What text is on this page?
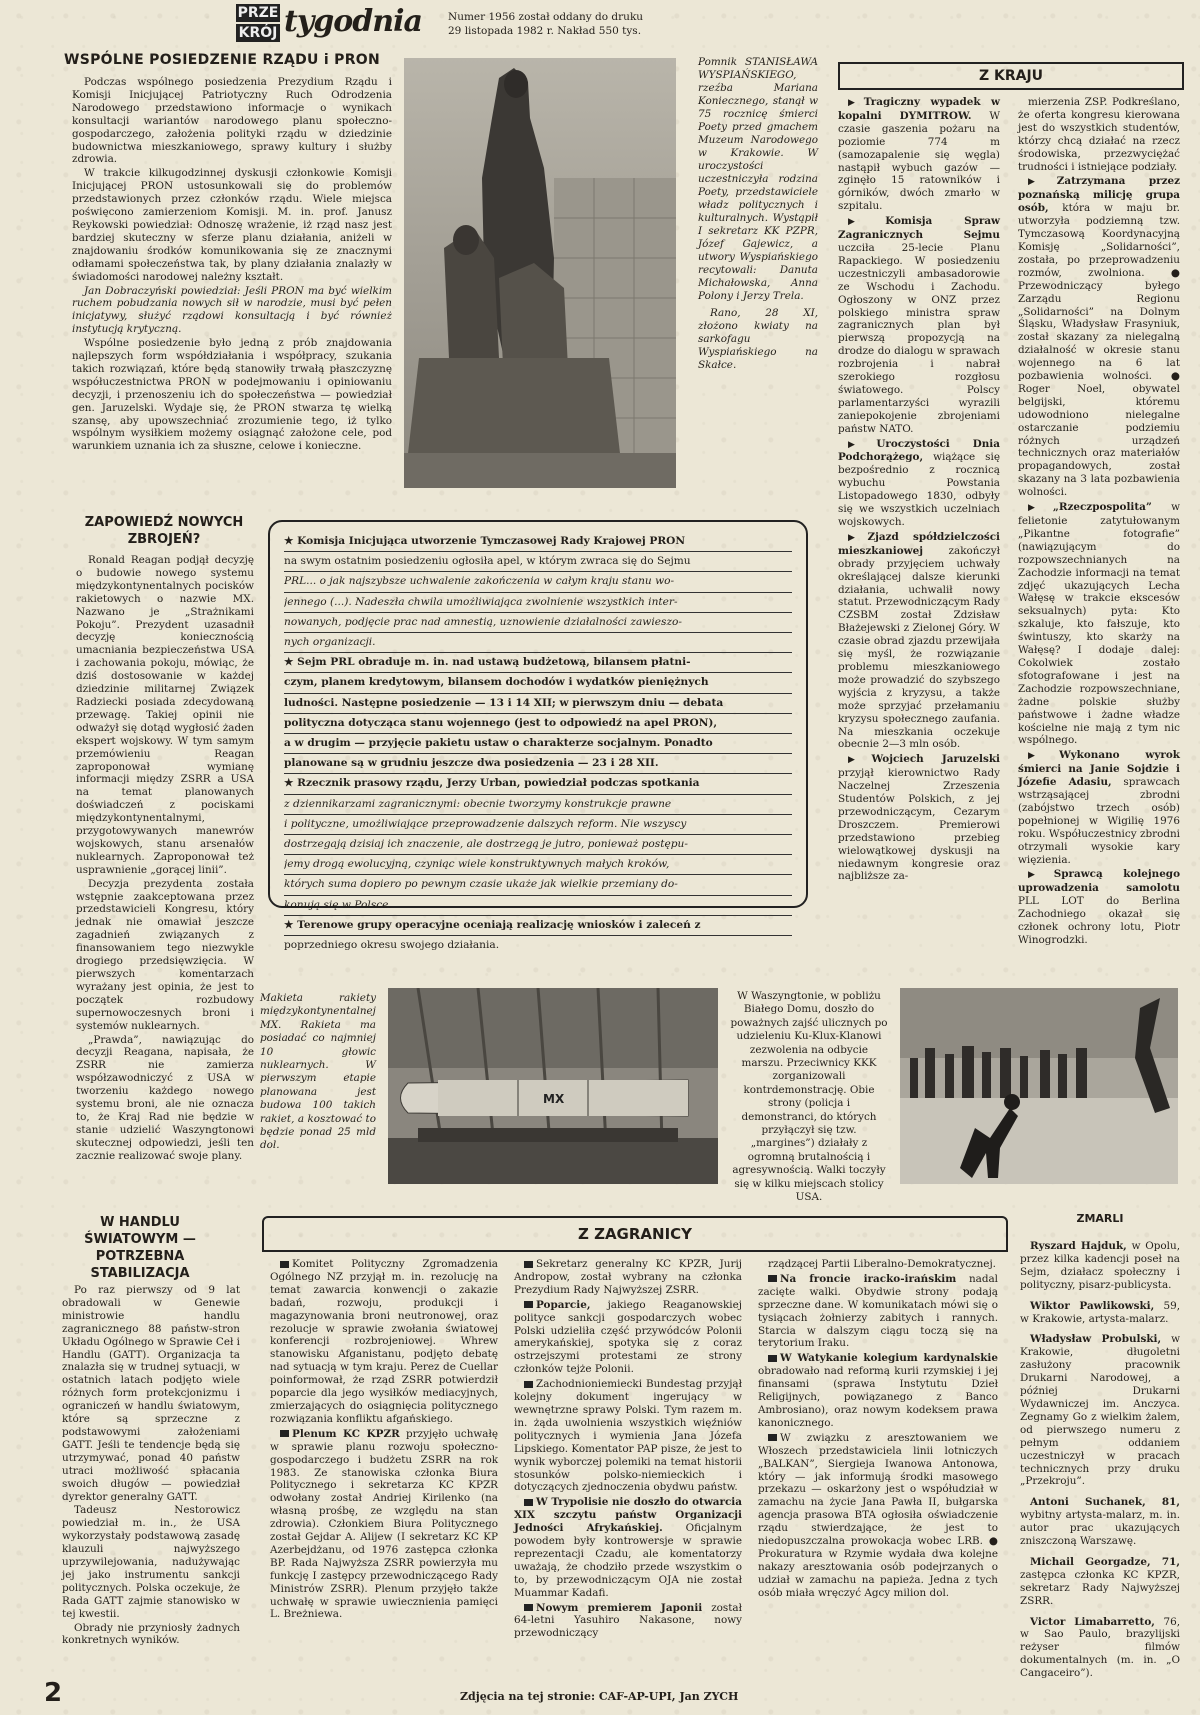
PRZE
KRÓJ tygodnia Numer 1956 został oddany do druku
29 listopada 1982 r. Nakład 550 tys.
WSPÓLNE POSIEDZENIE RZĄDU i PRON

Podczas wspólnego posiedzenia Prezydium Rządu i Komisji Inicjującej Patriotyczny Ruch Odrodzenia Narodowego przedstawiono informacje o wynikach konsultacji wariantów narodowego planu społeczno-gospodarczego, założenia polityki rządu w dziedzinie budownictwa mieszkaniowego, sprawy kultury i służby zdrowia.

W trakcie kilkugodzinnej dyskusji członkowie Komisji Inicjującej PRON ustosunkowali się do problemów przedstawionych przez członków rządu. Wiele miejsca poświęcono zamierzeniom Komisji. M. in. prof. Janusz Reykowski powiedział: Odnoszę wrażenie, iż rząd nasz jest bardziej skuteczny w sferze planu działania, aniżeli w znajdowaniu środków komunikowania się ze znacznymi odłamami społeczeństwa tak, by plany działania znalazły w świadomości narodowej należny kształt.

Jan Dobraczyński powiedział: Jeśli PRON ma być wielkim ruchem pobudzania nowych sił w narodzie, musi być pełen inicjatywy, służyć rządowi konsultacją i być również instytucją krytyczną.

Wspólne posiedzenie było jedną z prób znajdowania najlepszych form współdziałania i współpracy, szukania takich rozwiązań, które będą stanowiły trwałą płaszczyznę współuczestnictwa PRON w podejmowaniu i opiniowaniu decyzji, i przenoszeniu ich do społeczeństwa — powiedział gen. Jaruzelski. Wydaje się, że PRON stwarza tę wielką szansę, aby upowszechniać zrozumienie tego, iż tylko wspólnym wysiłkiem możemy osiągnąć założone cele, pod warunkiem uznania ich za słuszne, celowe i konieczne.

Pomnik STANISŁAWA WYSPIAŃSKIEGO, rzeźba Mariana Koniecznego, stanął w 75 rocznicę śmierci Poety przed gmachem Muzeum Narodowego w Krakowie. W uroczystości uczestniczyła rodzina Poety, przedstawiciele władz politycznych i kulturalnych. Wystąpił I sekretarz KK PZPR, Józef Gajewicz, a utwory Wyspiańskiego recytowali: Danuta Michałowska, Anna Polony i Jerzy Trela.

Rano, 28 XI, złożono kwiaty na sarkofagu Wyspiańskiego na Skałce.

Z KRAJU

▶ Tragiczny wypadek w kopalni DYMITROW. W czasie gaszenia pożaru na poziomie 774 m (samozapalenie się węgla) nastąpił wybuch gazów — zginęło 15 ratowników i górników, dwóch zmarło w szpitalu.

▶ Komisja Spraw Zagranicznych Sejmu uczciła 25-lecie Planu Rapackiego. W posiedzeniu uczestniczyli ambasadorowie ze Wschodu i Zachodu. Ogłoszony w ONZ przez polskiego ministra spraw zagranicznych plan był pierwszą propozycją na drodze do dialogu w sprawach rozbrojenia i nabrał szerokiego rozgłosu światowego. Polscy parlamentarzyści wyrazili zaniepokojenie zbrojeniami państw NATO.

▶ Uroczystości Dnia Podchorążego, wiążące się bezpośrednio z rocznicą wybuchu Powstania Listopadowego 1830, odbyły się we wszystkich uczelniach wojskowych.

▶ Zjazd spółdzielczości mieszkaniowej zakończył obrady przyjęciem uchwały określającej dalsze kierunki działania, uchwalił nowy statut. Przewodniczącym Rady CZSBM został Zdzisław Błażejewski z Zielonej Góry. W czasie obrad zjazdu przewijała się myśl, że rozwiązanie problemu mieszkaniowego może prowadzić do szybszego wyjścia z kryzysu, a także może sprzyjać przełamaniu kryzysu społecznego zaufania. Na mieszkania oczekuje obecnie 2—3 mln osób.

▶ Wojciech Jaruzelski przyjął kierownictwo Rady Naczelnej Zrzeszenia Studentów Polskich, z jej przewodniczącym, Cezarym Droszczem. Premierowi przedstawiono przebieg wielowątkowej dyskusji na niedawnym kongresie oraz najbliższe za-

mierzenia ZSP. Podkreślano, że oferta kongresu kierowana jest do wszystkich studentów, którzy chcą działać na rzecz środowiska, przezwyciężać trudności i istniejące podziały.

▶ Zatrzymana przez poznańską milicję grupa osób, która w maju br. utworzyła podziemną tzw. Tymczasową Koordynacyjną Komisję „Solidarności”, została, po przeprowadzeniu rozmów, zwolniona. ● Przewodniczący byłego Zarządu Regionu „Solidarności” na Dolnym Śląsku, Władysław Frasyniuk, został skazany za nielegalną działalność w okresie stanu wojennego na 6 lat pozbawienia wolności. ● Roger Noel, obywatel belgijski, któremu udowodniono nielegalne ostarczanie podziemiu różnych urządzeń technicznych oraz materiałów propagandowych, został skazany na 3 lata pozbawienia wolności.

▶ „Rzeczpospolita” w felietonie zatytułowanym „Pikantne fotografie” (nawiązującym do rozpowszechnianych na Zachodzie informacji na temat zdjęć ukazujących Lecha Wałęsę w trakcie ekscesów seksualnych) pyta: Kto szkaluje, kto fałszuje, kto świntuszy, kto skarży na Wałęsę? I dodaje dalej: Cokolwiek zostało sfotografowane i jest na Zachodzie rozpowszechniane, żadne polskie służby państwowe i żadne władze kościelne nie mają z tym nic wspólnego.

▶ Wykonano wyrok śmierci na Janie Sojdzie i Józefie Adasiu, sprawcach wstrząsającej zbrodni (zabójstwo trzech osób) popełnionej w Wigilię 1976 roku. Współuczestnicy zbrodni otrzymali wysokie kary więzienia.

▶ Sprawcą kolejnego uprowadzenia samolotu PLL LOT do Berlina Zachodniego okazał się członek ochrony lotu, Piotr Winogrodzki.

ZAPOWIEDŹ NOWYCH ZBROJEŃ?

Ronald Reagan podjął decyzję o budowie nowego systemu międzykontynentalnych pocisków rakietowych o nazwie MX. Nazwano je „Strażnikami Pokoju”. Prezydent uzasadnił decyzję koniecznością umacniania bezpieczeństwa USA i zachowania pokoju, mówiąc, że dziś dostosowanie w każdej dziedzinie militarnej Związek Radziecki posiada zdecydowaną przewagę. Takiej opinii nie odważył się dotąd wygłosić żaden ekspert wojskowy. W tym samym przemówieniu Reagan zaproponował wymianę informacji między ZSRR a USA na temat planowanych doświadczeń z pociskami międzykontynentalnymi, przygotowywanych manewrów wojskowych, stanu arsenałów nuklearnych. Zaproponował też usprawnienie „gorącej linii”.

Decyzja prezydenta została wstępnie zaakceptowana przez przedstawicieli Kongresu, który jednak nie omawiał jeszcze zagadnień związanych z finansowaniem tego niezwykle drogiego przedsięwzięcia. W pierwszych komentarzach wyrażany jest opinia, że jest to początek rozbudowy supernowoczesnych broni i systemów nuklearnych.

„Prawda”, nawiązując do decyzji Reagana, napisała, że ZSRR nie zamierza współzawodniczyć z USA w tworzeniu każdego nowego systemu broni, ale nie oznacza to, że Kraj Rad nie będzie w stanie udzielić Waszyngtonowi skutecznej odpowiedzi, jeśli ten zacznie realizować swoje plany.

★ Komisja Inicjująca utworzenie Tymczasowej Rady Krajowej PRON
na swym ostatnim posiedzeniu ogłosiła apel, w którym zwraca się do Sejmu
PRL... o jak najszybsze uchwalenie zakończenia w całym kraju stanu wo-
jennego (...). Nadeszła chwila umożliwiająca zwolnienie wszystkich inter-
nowanych, podjęcie prac nad amnestią, uznowienie działalności zawieszo-
nych organizacji.
★ Sejm PRL obraduje m. in. nad ustawą budżetową, bilansem płatni-
czym, planem kredytowym, bilansem dochodów i wydatków pieniężnych
ludności. Następne posiedzenie — 13 i 14 XII; w pierwszym dniu — debata
polityczna dotycząca stanu wojennego (jest to odpowiedź na apel PRON),
a w drugim — przyjęcie pakietu ustaw o charakterze socjalnym. Ponadto
planowane są w grudniu jeszcze dwa posiedzenia — 23 i 28 XII.
★ Rzecznik prasowy rządu, Jerzy Urban, powiedział podczas spotkania
z dziennikarzami zagranicznymi: obecnie tworzymy konstrukcje prawne
i polityczne, umożliwiające przeprowadzenie dalszych reform. Nie wszyscy
dostrzegają dzisiaj ich znaczenie, ale dostrzegą je jutro, ponieważ postępu-
jemy drogą ewolucyjną, czyniąc wiele konstruktywnych małych kroków,
których suma dopiero po pewnym czasie ukaże jak wielkie przemiany do-
konują się w Polsce.
★ Terenowe grupy operacyjne oceniają realizację wniosków i zaleceń z
poprzedniego okresu swojego działania.
Makieta rakiety międzykontynentalnej MX. Rakieta ma posiadać co najmniej 10 głowic nuklearnych. W pierwszym etapie planowana jest budowa 100 takich rakiet, a kosztować to będzie ponad 25 mld dol.
MX
W Waszyngtonie, w pobliżu Białego Domu, doszło do poważnych zajść ulicznych po udzieleniu Ku-Klux-Klanowi zezwolenia na odbycie marszu. Przeciwnicy KKK zorganizowali kontrdemonstrację. Obie strony (policja i demonstranci, do których przyłączył się tzw. „margines”) działały z ogromną brutalnością i agresywnością. Walki toczyły się w kilku miejscach stolicy USA.
W HANDLU ŚWIATOWYM — POTRZEBNA STABILIZACJA

Po raz pierwszy od 9 lat obradowali w Genewie ministrowie handlu zagranicznego 88 państw-stron Układu Ogólnego w Sprawie Ceł i Handlu (GATT). Organizacja ta znalazła się w trudnej sytuacji, w ostatnich latach podjęto wiele różnych form protekcjonizmu i ograniczeń w handlu światowym, które są sprzeczne z podstawowymi założeniami GATT. Jeśli te tendencje będą się utrzymywać, ponad 40 państw utraci możliwość spłacania swoich długów — powiedział dyrektor generalny GATT.

Tadeusz Nestorowicz powiedział m. in., że USA wykorzystały podstawową zasadę klauzuli najwyższego uprzywilejowania, nadużywając jej jako instrumentu sankcji politycznych. Polska oczekuje, że Rada GATT zajmie stanowisko w tej kwestii.

Obrady nie przyniosły żadnych konkretnych wyników.

Z ZAGRANICY

Komitet Polityczny Zgromadzenia Ogólnego NZ przyjął m. in. rezolucję na temat zawarcia konwencji o zakazie badań, rozwoju, produkcji i magazynowania broni neutronowej, oraz rezolucje w sprawie zwołania światowej konferencji rozbrojeniowej. Whrew stanowisku Afganistanu, podjęto debatę nad sytuacją w tym kraju. Perez de Cuellar poinformował, że rząd ZSRR potwierdził poparcie dla jego wysiłków mediacyjnych, zmierzających do osiągnięcia politycznego rozwiązania konfliktu afgańskiego.

Plenum KC KPZR przyjęło uchwałę w sprawie planu rozwoju społeczno-gospodarczego i budżetu ZSRR na rok 1983. Ze stanowiska członka Biura Politycznego i sekretarza KC KPZR odwołany został Andriej Kirilenko (na własną prośbę, ze względu na stan zdrowia). Członkiem Biura Politycznego został Gejdar A. Alijew (I sekretarz KC KP Azerbejdżanu, od 1976 zastępca członka BP. Rada Najwyższa ZSRR powierzyła mu funkcję I zastępcy przewodniczącego Rady Ministrów ZSRR). Plenum przyjęło także uchwałę w sprawie uwiecznienia pamięci L. Breżniewa.

Sekretarz generalny KC KPZR, Jurij Andropow, został wybrany na członka Prezydium Rady Najwyższej ZSRR.

Poparcie, jakiego Reaganowskiej polityce sankcji gospodarczych wobec Polski udzieliła część przywódców Polonii amerykańskiej, spotyka się z coraz ostrzejszymi protestami ze strony członków tejże Polonii.

Zachodnioniemiecki Bundestag przyjął kolejny dokument ingerujący w wewnętrzne sprawy Polski. Tym razem m. in. żąda uwolnienia wszystkich więźniów politycznych i wymienia Jana Józefa Lipskiego. Komentator PAP pisze, że jest to wynik wyborczej polemiki na temat historii stosunków polsko-niemieckich i dotyczących zjednoczenia obydwu państw.

W Trypolisie nie doszło do otwarcia XIX szczytu państw Organizacji Jedności Afrykańskiej. Oficjalnym powodem były kontrowersje w sprawie reprezentacji Czadu, ale komentatorzy uważają, że chodziło przede wszystkim o to, by przewodniczącym OJA nie został Muammar Kadafi.

Nowym premierem Japonii został 64-letni Yasuhiro Nakasone, nowy przewodniczący

rządzącej Partii Liberalno-Demokratycznej.

Na froncie iracko-irańskim nadal zacięte walki. Obydwie strony podają sprzeczne dane. W komunikatach mówi się o tysiącach żołnierzy zabitych i rannych. Starcia w dalszym ciągu toczą się na terytorium Iraku.

W Watykanie kolegium kardynalskie obradowało nad reformą kurii rzymskiej i jej finansami (sprawa Instytutu Dzieł Religijnych, powiązanego z Banco Ambrosiano), oraz nowym kodeksem prawa kanonicznego.

W związku z aresztowaniem we Włoszech przedstawiciela linii lotniczych „BALKAN”, Siergieja Iwanowa Antonowa, który — jak informują środki masowego przekazu — oskarżony jest o współudział w zamachu na życie Jana Pawła II, bułgarska agencja prasowa BTA ogłosiła oświadczenie rządu stwierdzające, że jest to niedopuszczalna prowokacja wobec LRB. ● Prokuratura w Rzymie wydała dwa kolejne nakazy aresztowania osób podejrzanych o udział w zamachu na papieża. Jedna z tych osób miała wręczyć Agcy milion dol.

ZMARLI

Ryszard Hajduk, w Opolu, przez kilka kadencji poseł na Sejm, działacz społeczny i polityczny, pisarz-publicysta.

Wiktor Pawlikowski, 59, w Krakowie, artysta-malarz.

Władysław Probulski, w Krakowie, długoletni zasłużony pracownik Drukarni Narodowej, a później Drukarni Wydawniczej im. Anczyca. Zegnamy Go z wielkim żalem, od pierwszego numeru z pełnym oddaniem uczestniczył w pracach technicznych przy druku „Przekroju”.

Antoni Suchanek, 81, wybitny artysta-malarz, m. in. autor prac ukazujących zniszczoną Warszawę.

Michail Georgadze, 71, zastępca członka KC KPZR, sekretarz Rady Najwyższej ZSRR.

Victor Limabarretto, 76, w Sao Paulo, brazylijski reżyser filmów dokumentalnych (m. in. „O Cangaceiro”).

2	Zdjęcia na tej stronie: CAF-AP-UPI, Jan ZYCH
